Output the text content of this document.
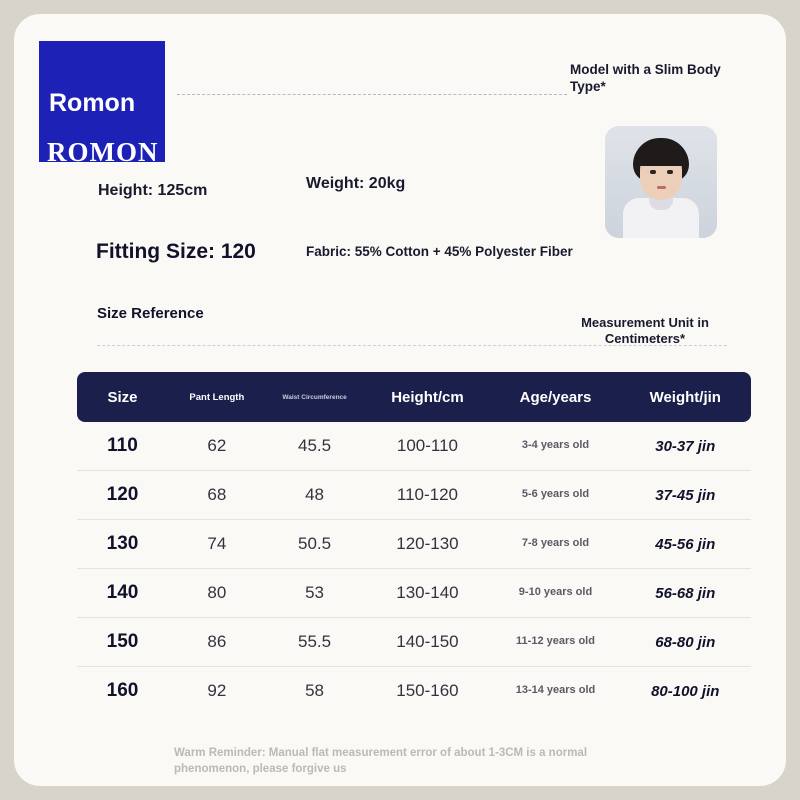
Romon
ROMON
Model with a Slim Body Type*
Height: 125cm	Weight: 20kg
Fitting Size: 120	Fabric: 55% Cotton + 45% Polyester Fiber
Size Reference
Measurement Unit in Centimeters*
Size	Pant Length	Waist Circumference	Height/cm	Age/years	Weight/jin
110	62	45.5	100-110	3-4 years old	30-37 jin
120	68	48	110-120	5-6 years old	37-45 jin
130	74	50.5	120-130	7-8 years old	45-56 jin
140	80	53	130-140	9-10 years old	56-68 jin
150	86	55.5	140-150	11-12 years old	68-80 jin
160	92	58	150-160	13-14 years old	80-100 jin
Warm Reminder: Manual flat measurement error of about 1-3CM is a normal phenomenon, please forgive us
